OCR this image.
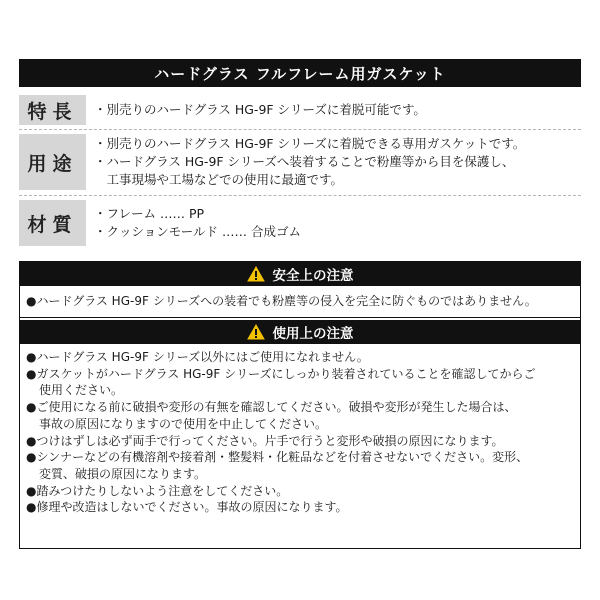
ハードグラス フルフレーム用ガスケット
特長	・別売りのハードグラス HG-9F シリーズに着脱可能です。
用途
・別売りのハードグラス HG-9F シリーズに着脱できる専用ガスケットです。
・ハードグラス HG-9F シリーズへ装着することで粉塵等から目を保護し、
　工事現場や工場などでの使用に最適です。
材質	・フレーム …… PP
・クッションモールド …… 合成ゴム
安全上の注意
●ハードグラス HG-9F シリーズへの装着でも粉塵等の侵入を完全に防ぐものではありません。
使用上の注意
●ハードグラス HG-9F シリーズ以外にはご使用になれません。
●ガスケットがハードグラス HG-9F シリーズにしっかり装着されていることを確認してからご
使用ください。
●ご使用になる前に破損や変形の有無を確認してください。破損や変形が発生した場合は、
事故の原因になりますので使用を中止してください。
●つけはずしは必ず両手で行ってください。片手で行うと変形や破損の原因になります。
●シンナーなどの有機溶剤や接着剤・整髪料・化粧品などを付着させないでください。変形、
変質、破損の原因になります。
●踏みつけたりしないよう注意をしてください。
●修理や改造はしないでください。事故の原因になります。
